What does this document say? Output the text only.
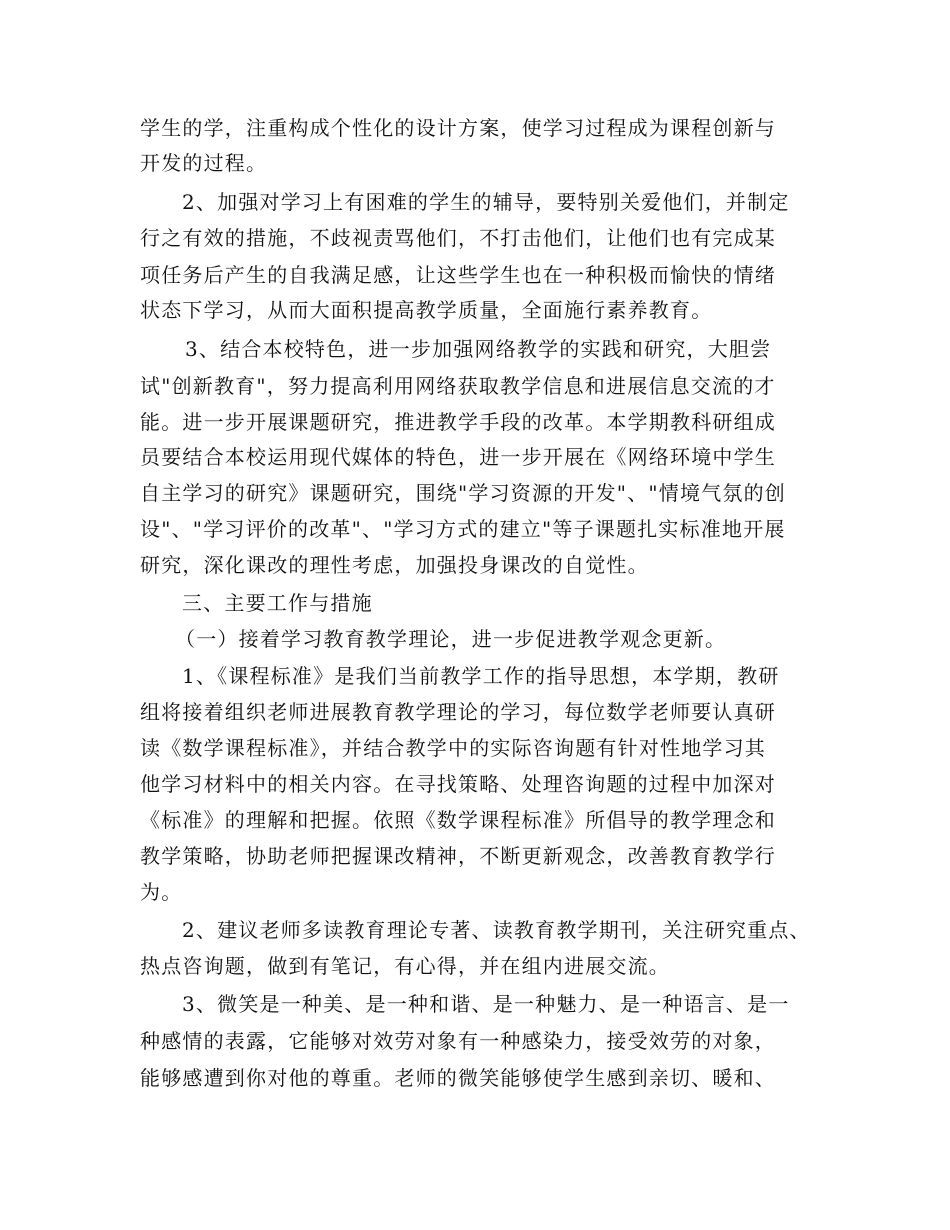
学生的学，注重构成个性化的设计方案，使学习过程成为课程创新与
开发的过程。
2、加强对学习上有困难的学生的辅导，要特别关爱他们，并制定
行之有效的措施，不歧视责骂他们，不打击他们，让他们也有完成某
项任务后产生的自我满足感，让这些学生也在一种积极而愉快的情绪
状态下学习，从而大面积提高教学质量，全面施行素养教育。
3、结合本校特色，进一步加强网络教学的实践和研究，大胆尝
试"创新教育"，努力提高利用网络获取教学信息和进展信息交流的才
能。进一步开展课题研究，推进教学手段的改革。本学期教科研组成
员要结合本校运用现代媒体的特色，进一步开展在《网络环境中学生
自主学习的研究》课题研究，围绕"学习资源的开发"、"情境气氛的创
设"、"学习评价的改革"、"学习方式的建立"等子课题扎实标准地开展
研究，深化课改的理性考虑，加强投身课改的自觉性。
三、主要工作与措施
（一）接着学习教育教学理论，进一步促进教学观念更新。
1、《课程标准》是我们当前教学工作的指导思想，本学期，教研
组将接着组织老师进展教育教学理论的学习，每位数学老师要认真研
读《数学课程标准》，并结合教学中的实际咨询题有针对性地学习其
他学习材料中的相关内容。在寻找策略、处理咨询题的过程中加深对
《标准》的理解和把握。依照《数学课程标准》所倡导的教学理念和
教学策略，协助老师把握课改精神，不断更新观念，改善教育教学行
为。
2、建议老师多读教育理论专著、读教育教学期刊，关注研究重点、
热点咨询题，做到有笔记，有心得，并在组内进展交流。
3、微笑是一种美、是一种和谐、是一种魅力、是一种语言、是一
种感情的表露，它能够对效劳对象有一种感染力，接受效劳的对象，
能够感遭到你对他的尊重。老师的微笑能够使学生感到亲切、暖和、
